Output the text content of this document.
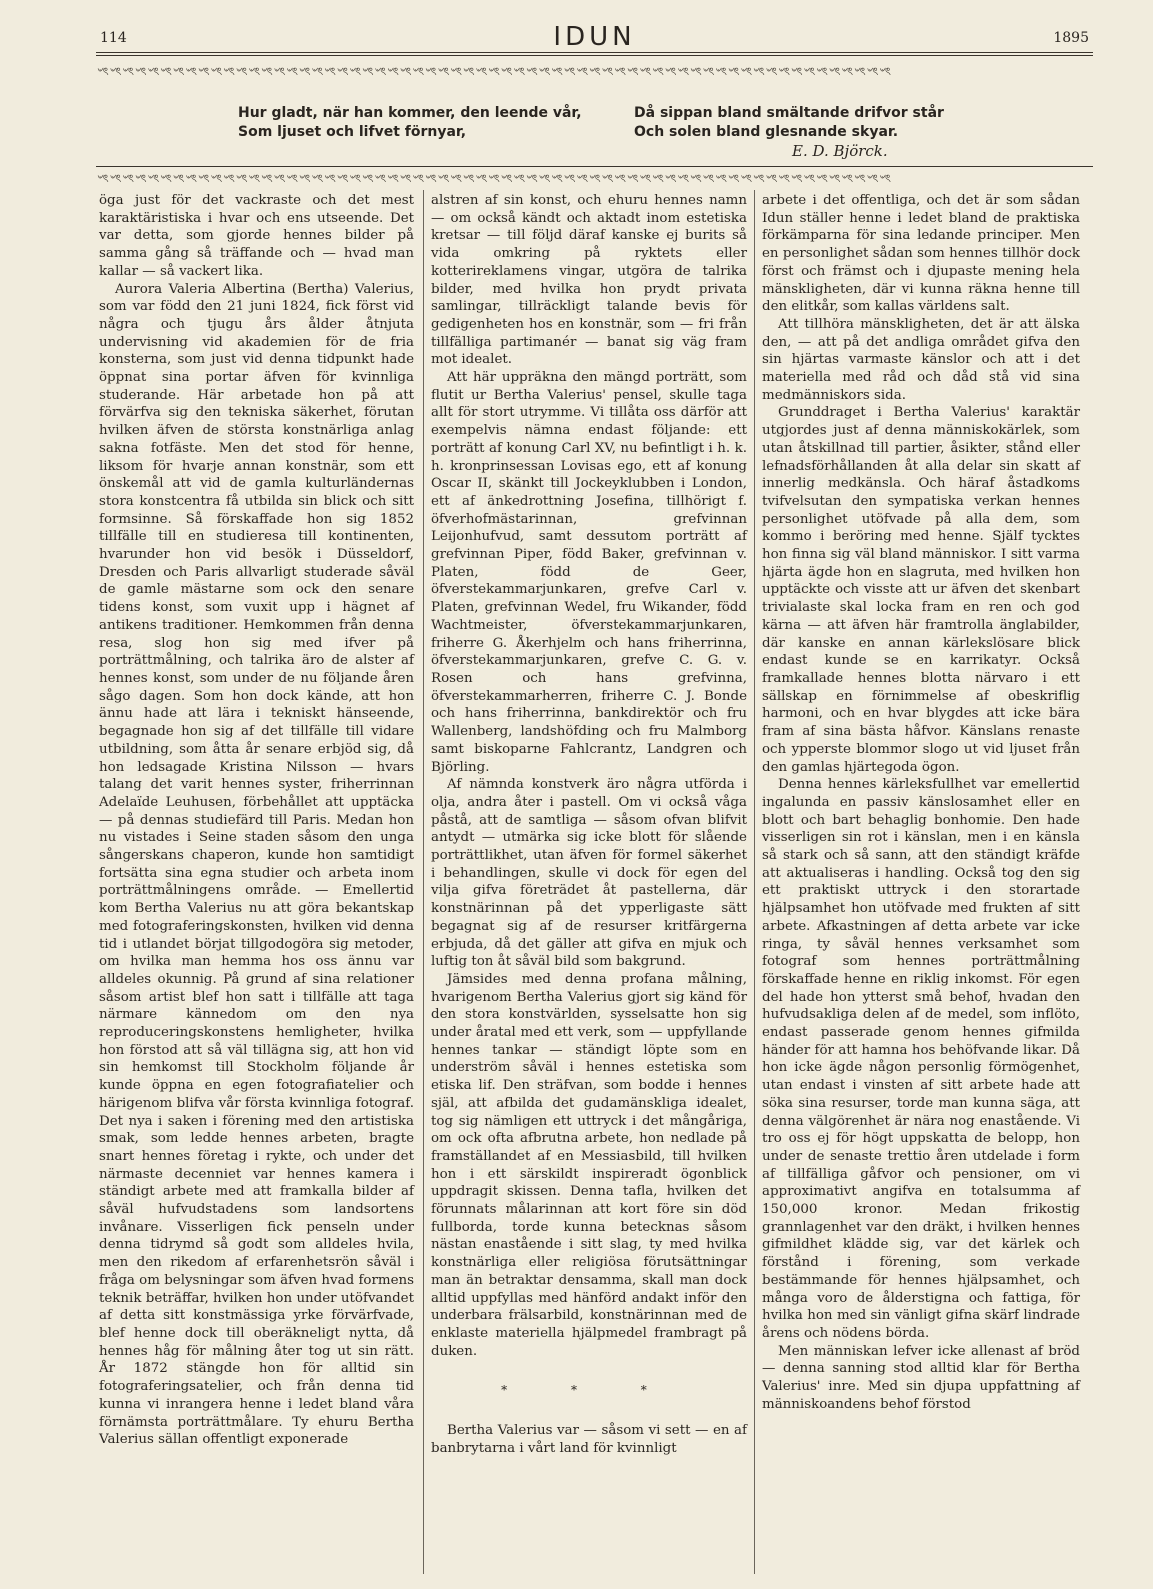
114	IDUN	1895
৺ৎ৺ৎ৺ৎ৺ৎ৺ৎ৺ৎ৺ৎ৺ৎ৺ৎ৺ৎ৺ৎ৺ৎ৺ৎ৺ৎ৺ৎ৺ৎ৺ৎ৺ৎ৺ৎ৺ৎ৺ৎ৺ৎ৺ৎ৺ৎ৺ৎ৺ৎ৺ৎ৺ৎ৺ৎ৺ৎ৺ৎ৺ৎ৺ৎ৺ৎ৺ৎ৺ৎ৺ৎ৺ৎ৺ৎ৺ৎ৺ৎ৺ৎ৺ৎ৺ৎ৺ৎ৺ৎ৺ৎ৺ৎ৺ৎ৺ৎ৺ৎ৺ৎ৺ৎ৺ৎ৺ৎ৺ৎ৺ৎ৺ৎ৺ৎ৺ৎ৺ৎ৺ৎ৺ৎ
Hur gladt, när han kommer, den leende vår,
Som ljuset och lifvet förnyar,
Då sippan bland smältande drifvor står
Och solen bland glesnande skyar.
E. D. Björck.
৺ৎ৺ৎ৺ৎ৺ৎ৺ৎ৺ৎ৺ৎ৺ৎ৺ৎ৺ৎ৺ৎ৺ৎ৺ৎ৺ৎ৺ৎ৺ৎ৺ৎ৺ৎ৺ৎ৺ৎ৺ৎ৺ৎ৺ৎ৺ৎ৺ৎ৺ৎ৺ৎ৺ৎ৺ৎ৺ৎ৺ৎ৺ৎ৺ৎ৺ৎ৺ৎ৺ৎ৺ৎ৺ৎ৺ৎ৺ৎ৺ৎ৺ৎ৺ৎ৺ৎ৺ৎ৺ৎ৺ৎ৺ৎ৺ৎ৺ৎ৺ৎ৺ৎ৺ৎ৺ৎ৺ৎ৺ৎ৺ৎ৺ৎ৺ৎ৺ৎ৺ৎ৺ৎ৺ৎ

öga just för det vackraste och det mest karaktäristiska i hvar och ens utseende. Det var detta, som gjorde hennes bilder på samma gång så träffande och — hvad man kallar — så vackert lika.

Aurora Valeria Albertina (Bertha) Valerius, som var född den 21 juni 1824, fick först vid några och tjugu års ålder åtnjuta undervisning vid akademien för de fria konsterna, som just vid denna tidpunkt hade öppnat sina portar äfven för kvinnliga studerande. Här arbetade hon på att förvärfva sig den tekniska säkerhet, förutan hvilken äfven de största konstnärliga anlag sakna fotfäste. Men det stod för henne, liksom för hvarje annan konstnär, som ett önskemål att vid de gamla kulturländernas stora konstcentra få utbilda sin blick och sitt formsinne. Så förskaffade hon sig 1852 tillfälle till en studieresa till kontinenten, hvarunder hon vid besök i Düsseldorf, Dresden och Paris allvarligt studerade såväl de gamle mästarne som ock den senare tidens konst, som vuxit upp i hägnet af antikens traditioner. Hemkommen från denna resa, slog hon sig med ifver på porträttmålning, och talrika äro de alster af hennes konst, som under de nu följande åren sågo dagen. Som hon dock kände, att hon ännu hade att lära i tekniskt hänseende, begagnade hon sig af det tillfälle till vidare utbildning, som åtta år senare erbjöd sig, då hon ledsagade Kristina Nilsson — hvars talang det varit hennes syster, friherrinnan Adelaïde Leuhusen, förbehållet att upptäcka — på dennas studiefärd till Paris. Medan hon nu vistades i Seine staden såsom den unga sångerskans chaperon, kunde hon samtidigt fortsätta sina egna studier och arbeta inom porträttmålningens område. — Emellertid kom Bertha Valerius nu att göra bekantskap med fotograferingskonsten, hvilken vid denna tid i utlandet börjat tillgodogöra sig metoder, om hvilka man hemma hos oss ännu var alldeles okunnig. På grund af sina relationer såsom artist blef hon satt i tillfälle att taga närmare kännedom om den nya reproduceringskonstens hemligheter, hvilka hon förstod att så väl tillägna sig, att hon vid sin hemkomst till Stockholm följande år kunde öppna en egen fotografiatelier och härigenom blifva vår första kvinnliga fotograf. Det nya i saken i förening med den artistiska smak, som ledde hennes arbeten, bragte snart hennes företag i rykte, och under det närmaste decenniet var hennes kamera i ständigt arbete med att framkalla bilder af såväl hufvudstadens som landsortens invånare. Visserligen fick penseln under denna tidrymd så godt som alldeles hvila, men den rikedom af erfarenhetsrön såväl i fråga om belysningar som äfven hvad formens teknik beträffar, hvilken hon under utöfvandet af detta sitt konstmässiga yrke förvärfvade, blef henne dock till oberäkneligt nytta, då hennes håg för målning åter tog ut sin rätt. År 1872 stängde hon för alltid sin fotograferingsatelier, och från denna tid kunna vi inrangera henne i ledet bland våra förnämsta porträttmålare. Ty ehuru Bertha Valerius sällan offentligt exponerade

alstren af sin konst, och ehuru hennes namn — om också kändt och aktadt inom estetiska kretsar — till följd däraf kanske ej burits så vida omkring på ryktets eller kotterireklamens vingar, utgöra de talrika bilder, med hvilka hon prydt privata samlingar, tillräckligt talande bevis för gedigenheten hos en konstnär, som — fri från tillfälliga partimanér — banat sig väg fram mot idealet.

Att här uppräkna den mängd porträtt, som flutit ur Bertha Valerius' pensel, skulle taga allt för stort utrymme. Vi tillåta oss därför att exempelvis nämna endast följande: ett porträtt af konung Carl XV, nu befintligt i h. k. h. kronprinsessan Lovisas ego, ett af konung Oscar II, skänkt till Jockeyklubben i London, ett af änkedrottning Josefina, tillhörigt f. öfverhofmästarinnan, grefvinnan Leijonhufvud, samt dessutom porträtt af grefvinnan Piper, född Baker, grefvinnan v. Platen, född de Geer, öfverstekammarjunkaren, grefve Carl v. Platen, grefvinnan Wedel, fru Wikander, född Wachtmeister, öfverstekammarjunkaren, friherre G. Åkerhjelm och hans friherrinna, öfverstekammarjunkaren, grefve C. G. v. Rosen och hans grefvinna, öfverstekammarherren, friherre C. J. Bonde och hans friherrinna, bankdirektör och fru Wallenberg, landshöfding och fru Malmborg samt biskoparne Fahlcrantz, Landgren och Björling.

Af nämnda konstverk äro några utförda i olja, andra åter i pastell. Om vi också våga påstå, att de samtliga — såsom ofvan blifvit antydt — utmärka sig icke blott för slående porträttlikhet, utan äfven för formel säkerhet i behandlingen, skulle vi dock för egen del vilja gifva företrädet åt pastellerna, där konstnärinnan på det ypperligaste sätt begagnat sig af de resurser kritfärgerna erbjuda, då det gäller att gifva en mjuk och luftig ton åt såväl bild som bakgrund.

Jämsides med denna profana målning, hvarigenom Bertha Valerius gjort sig känd för den stora konstvärlden, sysselsatte hon sig under åratal med ett verk, som — uppfyllande hennes tankar — ständigt löpte som en underström såväl i hennes estetiska som etiska lif. Den sträfvan, som bodde i hennes själ, att afbilda det gudamänskliga idealet, tog sig nämligen ett uttryck i det mångåriga, om ock ofta afbrutna arbete, hon nedlade på framställandet af en Messiasbild, till hvilken hon i ett särskildt inspireradt ögonblick uppdragit skissen. Denna tafla, hvilken det förunnats målarinnan att kort före sin död fullborda, torde kunna betecknas såsom nästan enastående i sitt slag, ty med hvilka konstnärliga eller religiösa förutsättningar man än betraktar densamma, skall man dock alltid uppfyllas med hänförd andakt inför den underbara frälsarbild, konstnärinnan med de enklaste materiella hjälpmedel frambragt på duken.

* * *

Bertha Valerius var — såsom vi sett — en af banbrytarna i vårt land för kvinnligt

arbete i det offentliga, och det är som sådan Idun ställer henne i ledet bland de praktiska förkämparna för sina ledande principer. Men en personlighet sådan som hennes tillhör dock först och främst och i djupaste mening hela mänskligheten, där vi kunna räkna henne till den elitkår, som kallas världens salt.

Att tillhöra mänskligheten, det är att älska den, — att på det andliga området gifva den sin hjärtas varmaste känslor och att i det materiella med råd och dåd stå vid sina medmänniskors sida.

Grunddraget i Bertha Valerius' karaktär utgjordes just af denna människokärlek, som utan åtskillnad till partier, åsikter, stånd eller lefnadsförhållanden åt alla delar sin skatt af innerlig medkänsla. Och häraf åstadkoms tvifvelsutan den sympatiska verkan hennes personlighet utöfvade på alla dem, som kommo i beröring med henne. Själf tycktes hon finna sig väl bland människor. I sitt varma hjärta ägde hon en slagruta, med hvilken hon upptäckte och visste att ur äfven det skenbart trivialaste skal locka fram en ren och god kärna — att äfven här framtrolla änglabilder, där kanske en annan kärlekslösare blick endast kunde se en karrikatyr. Också framkallade hennes blotta närvaro i ett sällskap en förnimmelse af obeskriflig harmoni, och en hvar blygdes att icke bära fram af sina bästa håfvor. Känslans renaste och ypperste blommor slogo ut vid ljuset från den gamlas hjärtegoda ögon.

Denna hennes kärleksfullhet var emellertid ingalunda en passiv känslosamhet eller en blott och bart behaglig bonhomie. Den hade visserligen sin rot i känslan, men i en känsla så stark och så sann, att den ständigt kräfde att aktualiseras i handling. Också tog den sig ett praktiskt uttryck i den storartade hjälpsamhet hon utöfvade med frukten af sitt arbete. Afkastningen af detta arbete var icke ringa, ty såväl hennes verksamhet som fotograf som hennes porträttmålning förskaffade henne en riklig inkomst. För egen del hade hon ytterst små behof, hvadan den hufvudsakliga delen af de medel, som inflöto, endast passerade genom hennes gifmilda händer för att hamna hos behöfvande likar. Då hon icke ägde någon personlig förmögenhet, utan endast i vinsten af sitt arbete hade att söka sina resurser, torde man kunna säga, att denna välgörenhet är nära nog enastående. Vi tro oss ej för högt uppskatta de belopp, hon under de senaste trettio åren utdelade i form af tillfälliga gåfvor och pensioner, om vi approximativt angifva en totalsumma af 150,000 kronor. Medan frikostig grannlagenhet var den dräkt, i hvilken hennes gifmildhet klädde sig, var det kärlek och förstånd i förening, som verkade bestämmande för hennes hjälpsamhet, och många voro de ålderstigna och fattiga, för hvilka hon med sin vänligt gifna skärf lindrade årens och nödens börda.

Men människan lefver icke allenast af bröd — denna sanning stod alltid klar för Bertha Valerius' inre. Med sin djupa uppfattning af människoandens behof förstod
